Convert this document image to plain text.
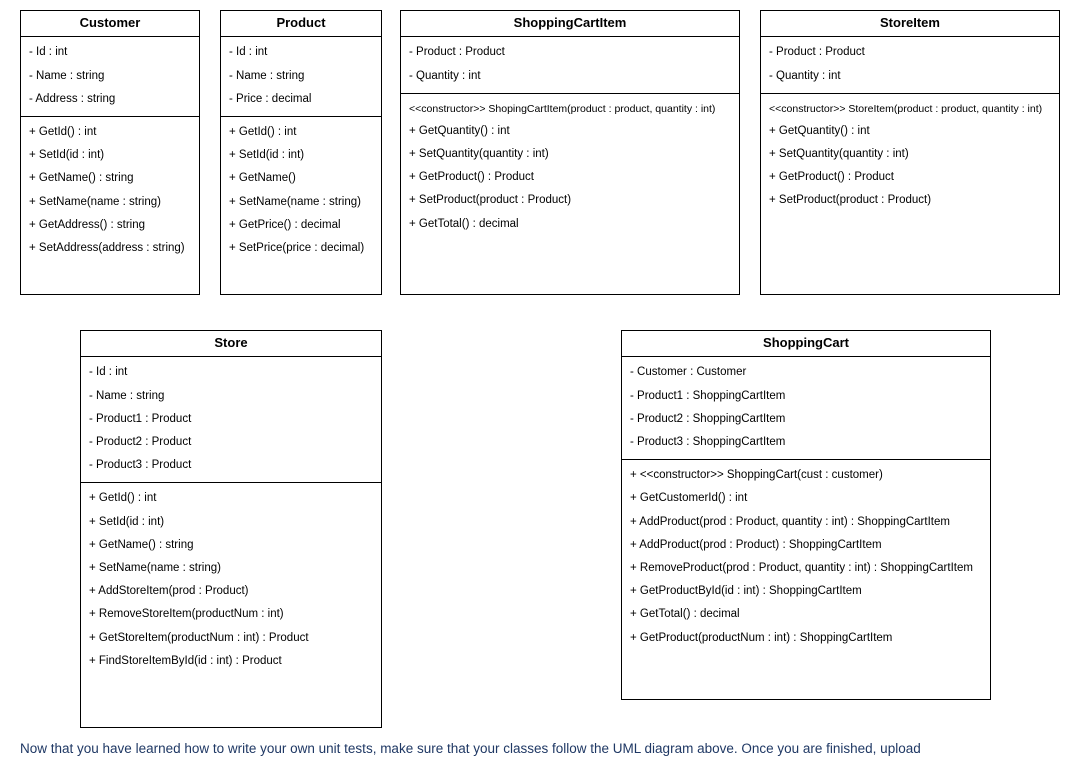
Customer
- Id : int
- Name : string
- Address : string
+ GetId() : int
+ SetId(id : int)
+ GetName() : string
+ SetName(name : string)
+ GetAddress() : string
+ SetAddress(address : string)
Product
- Id : int
- Name : string
- Price : decimal
+ GetId() : int
+ SetId(id : int)
+ GetName()
+ SetName(name : string)
+ GetPrice() : decimal
+ SetPrice(price : decimal)
ShoppingCartItem
- Product : Product
- Quantity : int
<<constructor>> ShopingCartItem(product : product, quantity : int)
+ GetQuantity() : int
+ SetQuantity(quantity : int)
+ GetProduct() : Product
+ SetProduct(product : Product)
+ GetTotal() : decimal
StoreItem
- Product : Product
- Quantity : int
<<constructor>> StoreItem(product : product, quantity : int)
+ GetQuantity() : int
+ SetQuantity(quantity : int)
+ GetProduct() : Product
+ SetProduct(product : Product)
Store
- Id : int
- Name : string
- Product1 : Product
- Product2 : Product
- Product3 : Product
+ GetId() : int
+ SetId(id : int)
+ GetName() : string
+ SetName(name : string)
+ AddStoreItem(prod : Product)
+ RemoveStoreItem(productNum : int)
+ GetStoreItem(productNum : int) : Product
+ FindStoreItemById(id : int) : Product
ShoppingCart
- Customer : Customer
- Product1 : ShoppingCartItem
- Product2 : ShoppingCartItem
- Product3 : ShoppingCartItem
+ <<constructor>> ShoppingCart(cust : customer)
+ GetCustomerId() : int
+ AddProduct(prod : Product, quantity : int) : ShoppingCartItem
+ AddProduct(prod : Product) : ShoppingCartItem
+ RemoveProduct(prod : Product, quantity : int) : ShoppingCartItem
+ GetProductById(id : int) : ShoppingCartItem
+ GetTotal() : decimal
+ GetProduct(productNum : int) : ShoppingCartItem
Now that you have learned how to write your own unit tests, make sure that your classes follow the UML diagram above. Once you are finished, upload
